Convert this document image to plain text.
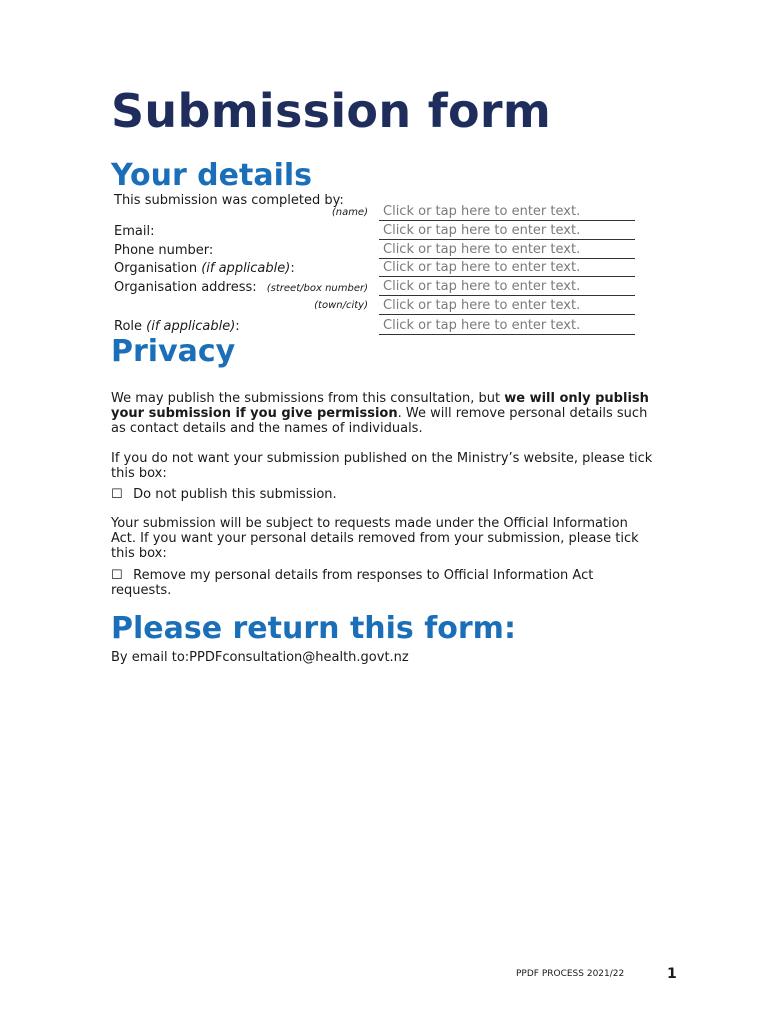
Submission form
Your details
This submission was completed by:
(name)	Click or tap here to enter text.
Email:	Click or tap here to enter text.
Phone number:	Click or tap here to enter text.
Organisation (if applicable):	Click or tap here to enter text.
Organisation address: (street/box number)	Click or tap here to enter text.
(town/city)	Click or tap here to enter text.
Role (if applicable):	Click or tap here to enter text.
Privacy

We may publish the submissions from this consultation, but we will only publish your submission if you give permission. We will remove personal details such as contact details and the names of individuals.

If you do not want your submission published on the Ministry’s website, please tick this box:

☐ Do not publish this submission.

Your submission will be subject to requests made under the Official Information Act. If you want your personal details removed from your submission, please tick this box:

☐ Remove my personal details from responses to Official Information Act requests.

Please return this form:
By email to:PPDFconsultation@health.govt.nz
PPDF PROCESS 2021/22	1
